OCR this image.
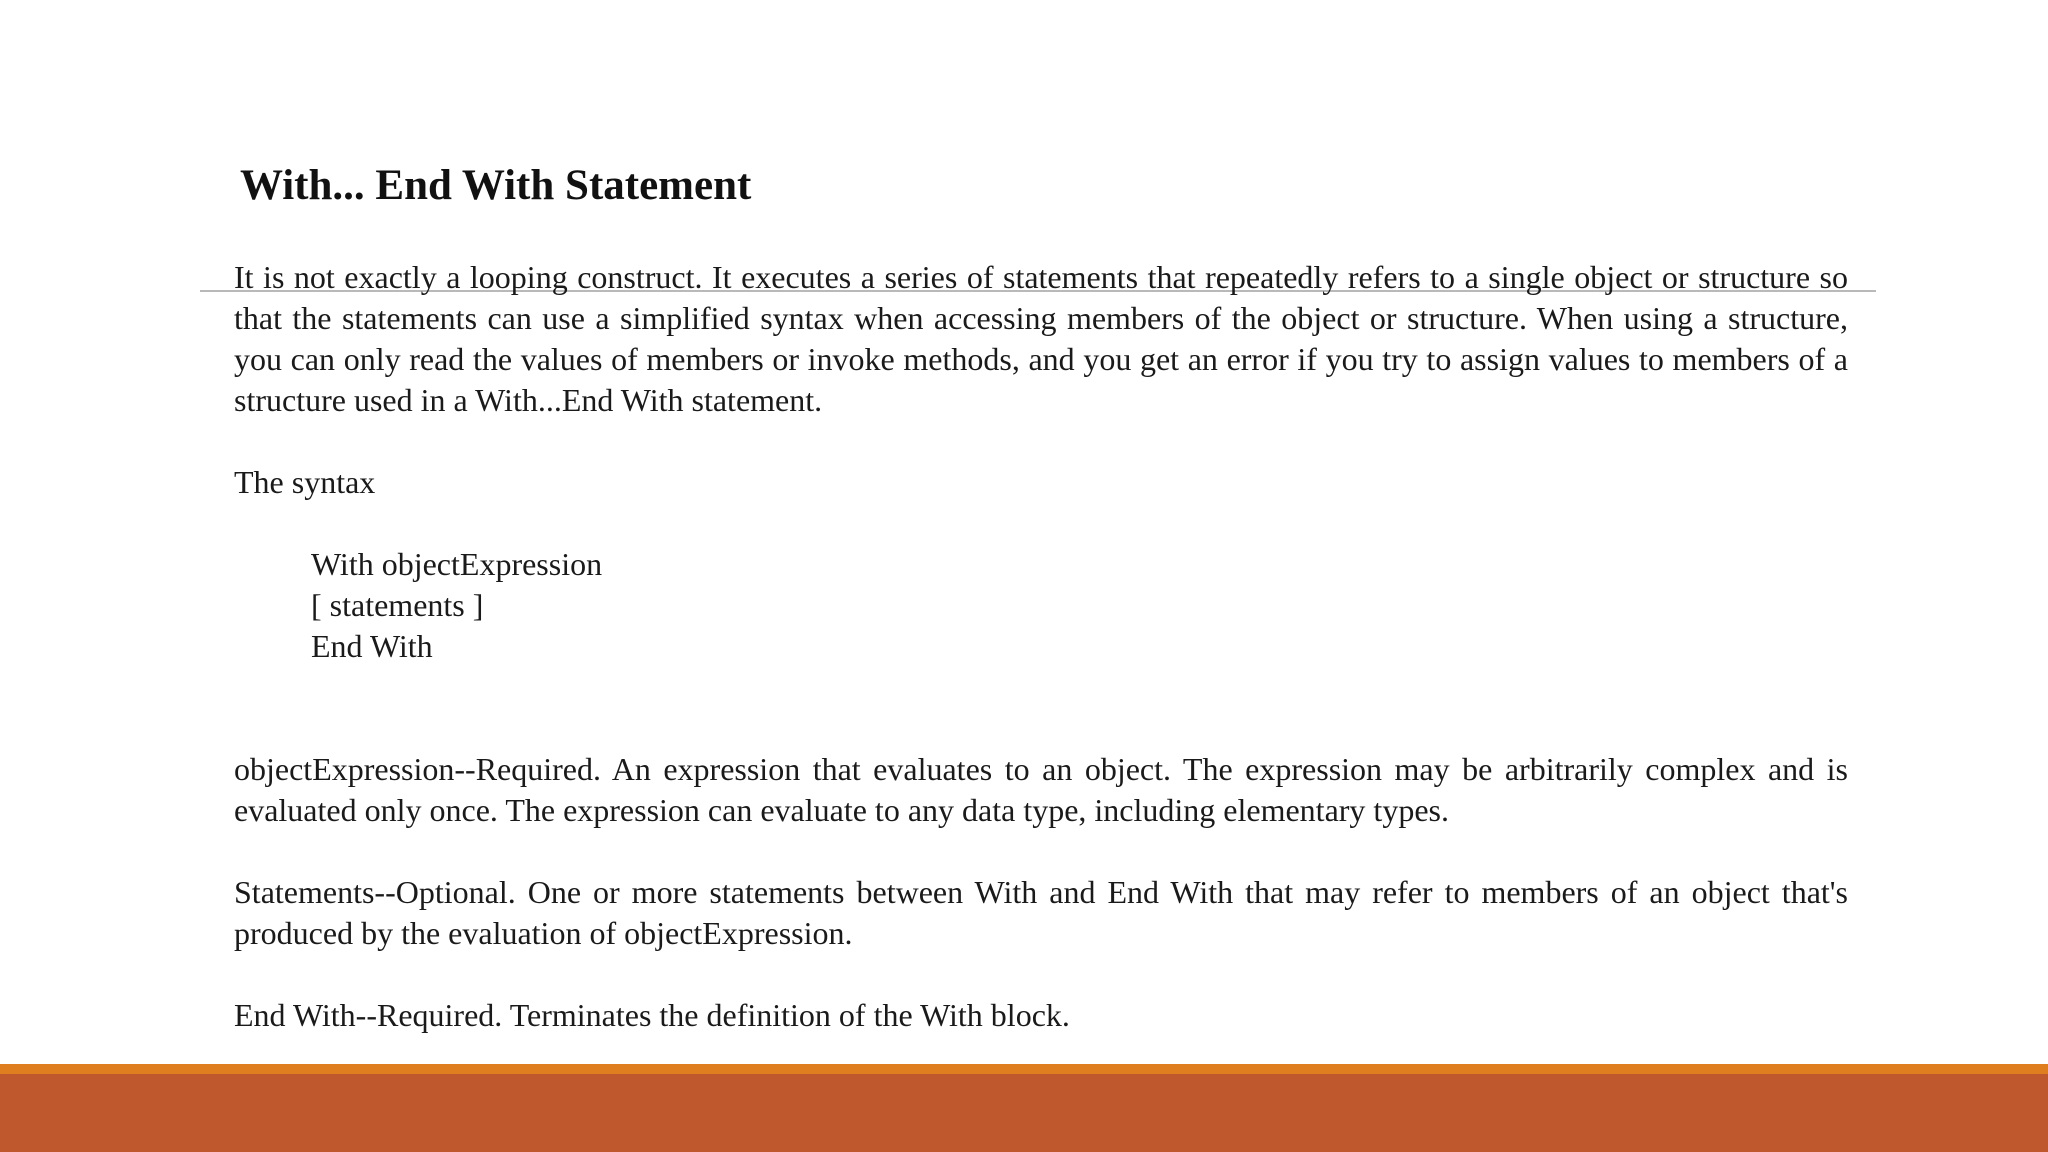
With... End With Statement

It is not exactly a looping construct. It executes a series of statements that repeatedly refers to a single object or structure so that the statements can use a simplified syntax when accessing members of the object or structure. When using a structure, you can only read the values of members or invoke methods, and you get an error if you try to assign values to members of a structure used in a With...End With statement.

The syntax

With objectExpression

[ statements ]

End With

objectExpression--Required. An expression that evaluates to an object. The expression may be arbitrarily complex and is evaluated only once. The expression can evaluate to any data type, including elementary types.

Statements--Optional. One or more statements between With and End With that may refer to members of an object that's produced by the evaluation of objectExpression.

End With--Required. Terminates the definition of the With block.
